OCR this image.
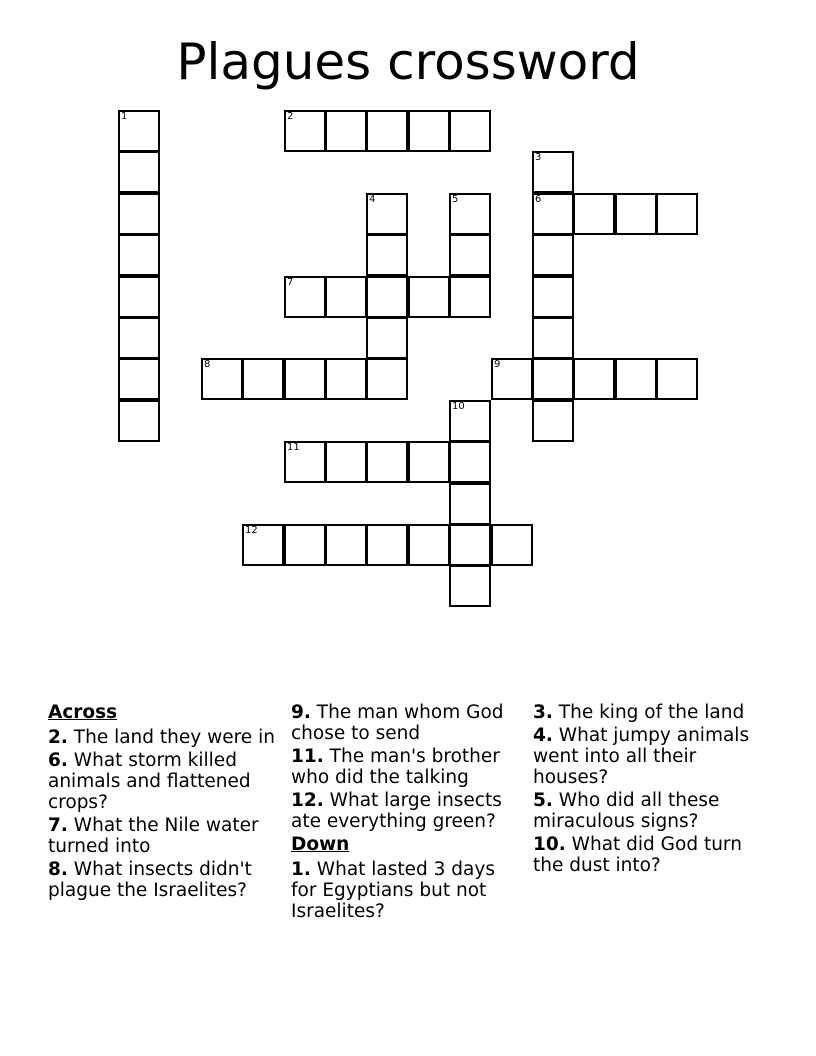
Plagues crossword
1	2
3
6
4	5
7
8	9
10
11
12
Across
2. The land they were in
6. What storm killed animals and flattened crops?
7. What the Nile water turned into
8. What insects didn't plague the Israelites?
9. The man whom God chose to send
11. The man's brother who did the talking
12. What large insects ate everything green?
Down
1. What lasted 3 days for Egyptians but not Israelites?
3. The king of the land
4. What jumpy animals went into all their houses?
5. Who did all these miraculous signs?
10. What did God turn the dust into?
